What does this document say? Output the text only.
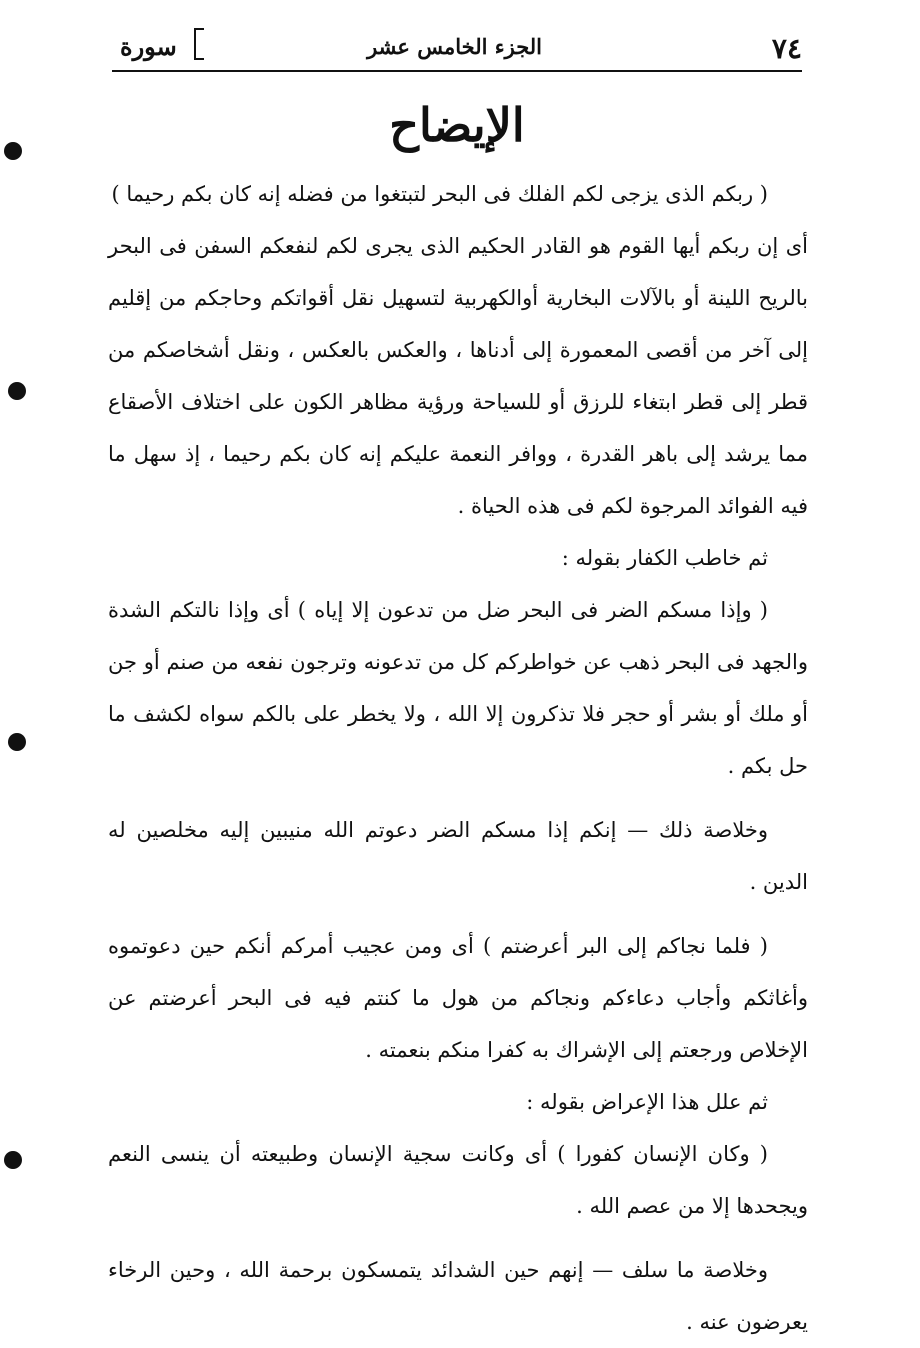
٧٤
الجزء الخامس عشر
سورة
الإيضاح

( ربكم الذى يزجى لكم الفلك فى البحر لتبتغوا من فضله إنه كان بكم رحيما )

أى إن ربكم أيها القوم هو القادر الحكيم الذى يجرى لكم لنفعكم السفن فى البحر بالريح اللينة أو بالآلات البخارية أوالكهربية لتسهيل نقل أقواتكم وحاجكم من إقليم إلى آخر من أقصى المعمورة إلى أدناها ، والعكس بالعكس ، ونقل أشخاصكم من قطر إلى قطر ابتغاء للرزق أو للسياحة ورؤية مظاهر الكون على اختلاف الأصقاع مما يرشد إلى باهر القدرة ، ووافر النعمة عليكم إنه كان بكم رحيما ، إذ سهل ما فيه الفوائد المرجوة لكم فى هذه الحياة .

ثم خاطب الكفار بقوله :

( وإذا مسكم الضر فى البحر ضل من تدعون إلا إياه ) أى وإذا نالتكم الشدة والجهد فى البحر ذهب عن خواطركم كل من تدعونه وترجون نفعه من صنم أو جن أو ملك أو بشر أو حجر فلا تذكرون إلا الله ، ولا يخطر على بالكم سواه لكشف ما حل بكم .

وخلاصة ذلك — إنكم إذا مسكم الضر دعوتم الله منيبين إليه مخلصين له الدين .

( فلما نجاكم إلى البر أعرضتم ) أى ومن عجيب أمركم أنكم حين دعوتموه وأغاثكم وأجاب دعاءكم ونجاكم من هول ما كنتم فيه فى البحر أعرضتم عن الإخلاص ورجعتم إلى الإشراك به كفرا منكم بنعمته .

ثم علل هذا الإعراض بقوله :

( وكان الإنسان كفورا ) أى وكانت سجية الإنسان وطبيعته أن ينسى النعم ويجحدها إلا من عصم الله .

وخلاصة ما سلف — إنهم حين الشدائد يتمسكون برحمة الله ، وحين الرخاء يعرضون عنه .
